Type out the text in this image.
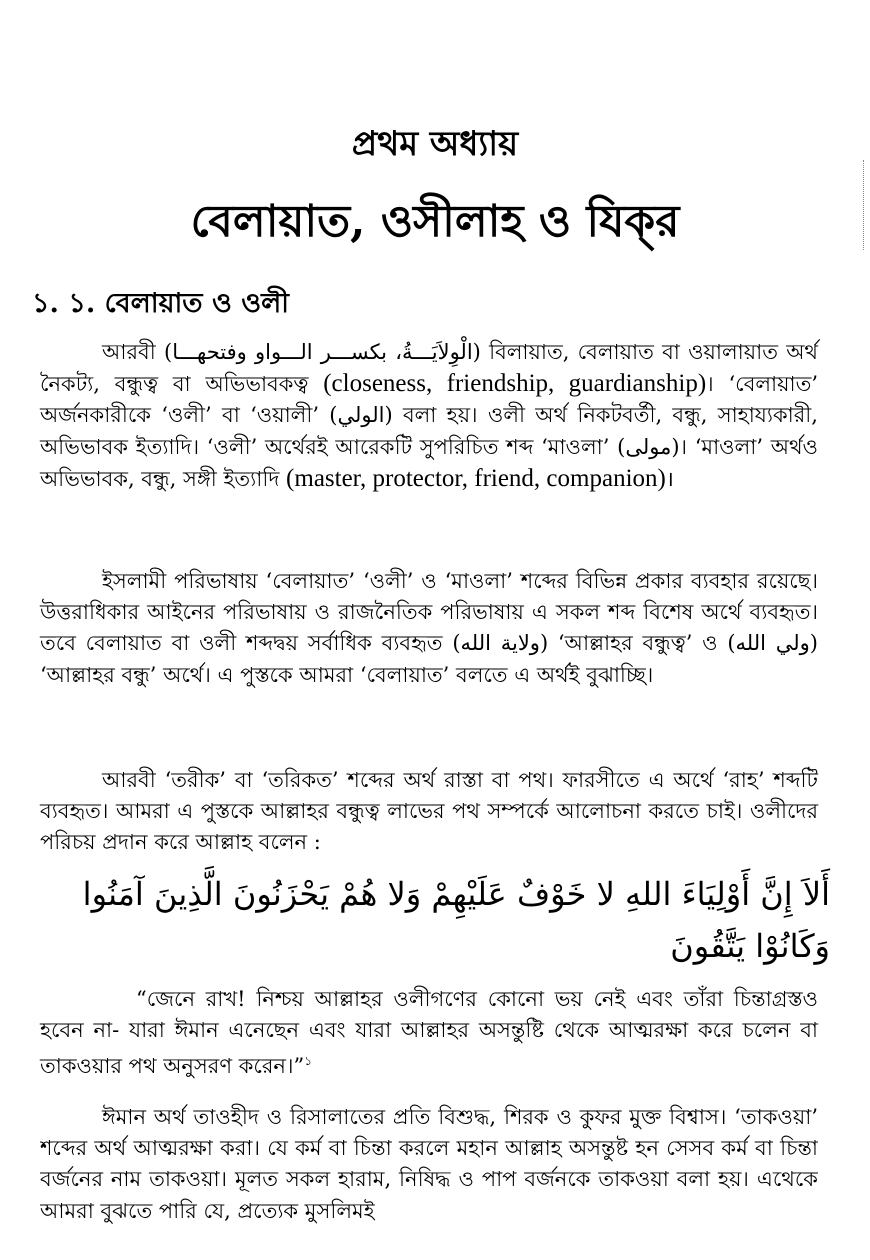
প্রথম অধ্যায়
বেলায়াত, ওসীলাহ ও যিক্‌র
১. ১. বেলায়াত ও ওলী

আরবী (الْوِلاَيَـــةُ، بكســـر الـــواو وفتحهـــا) বিলায়াত, বেলায়াত বা ওয়ালায়াত অর্থ নৈকট্য, বন্ধুত্ব বা অভিভাবকত্ব (closeness, friendship, guardianship)। ‘বেলায়াত’ অর্জনকারীকে ‘ওলী’ বা ‘ওয়ালী’ (الولي) বলা হয়। ওলী অর্থ নিকটবর্তী, বন্ধু, সাহায্যকারী, অভিভাবক ইত্যাদি। ‘ওলী’ অর্থেরই আরেকটি সুপরিচিত শব্দ ‘মাওলা’ (مولى)। ‘মাওলা’ অর্থও অভিভাবক, বন্ধু, সঙ্গী ইত্যাদি (master, protector, friend, companion)।

ইসলামী পরিভাষায় ‘বেলায়াত’ ‘ওলী’ ও ‘মাওলা’ শব্দের বিভিন্ন প্রকার ব্যবহার রয়েছে। উত্তরাধিকার আইনের পরিভাষায় ও রাজনৈতিক পরিভাষায় এ সকল শব্দ বিশেষ অর্থে ব্যবহৃত। তবে বেলায়াত বা ওলী শব্দদ্বয় সর্বাধিক ব্যবহৃত (ولاية الله) ‘আল্লাহর বন্ধুত্ব’ ও (ولي الله) ‘আল্লাহর বন্ধু’ অর্থে। এ পুস্তকে আমরা ‘বেলায়াত’ বলতে এ অর্থই বুঝাচ্ছি।

আরবী ‘তরীক’ বা ‘তরিকত’ শব্দের অর্থ রাস্তা বা পথ। ফারসীতে এ অর্থে ‘রাহ’ শব্দটি ব্যবহৃত। আমরা এ পুস্তকে আল্লাহর বন্ধুত্ব লাভের পথ সম্পর্কে আলোচনা করতে চাই। ওলীদের পরিচয় প্রদান করে আল্লাহ বলেন :

أَلاَ إِنَّ أَوْلِيَاءَ اللهِ لا خَوْفٌ عَلَيْهِمْ وَلا هُمْ يَحْزَنُونَ الَّذِينَ آمَنُوا وَكَانُوْا يَتَّقُونَ

“জেনে রাখ! নিশ্চয় আল্লাহর ওলীগণের কোনো ভয় নেই এবং তাঁরা চিন্তাগ্রস্তও হবেন না- যারা ঈমান এনেছেন এবং যারা আল্লাহর অসন্তুষ্টি থেকে আত্মরক্ষা করে চলেন বা তাকওয়ার পথ অনুসরণ করেন।”$^১$

ঈমান অর্থ তাওহীদ ও রিসালাতের প্রতি বিশুদ্ধ, শিরক ও কুফর মুক্ত বিশ্বাস। ‘তাকওয়া’ শব্দের অর্থ আত্মরক্ষা করা। যে কর্ম বা চিন্তা করলে মহান আল্লাহ অসন্তুষ্ট হন সেসব কর্ম বা চিন্তা বর্জনের নাম তাকওয়া। মূলত সকল হারাম, নিষিদ্ধ ও পাপ বর্জনকে তাকওয়া বলা হয়। এথেকে আমরা বুঝতে পারি যে, প্রত্যেক মুসলিমই
